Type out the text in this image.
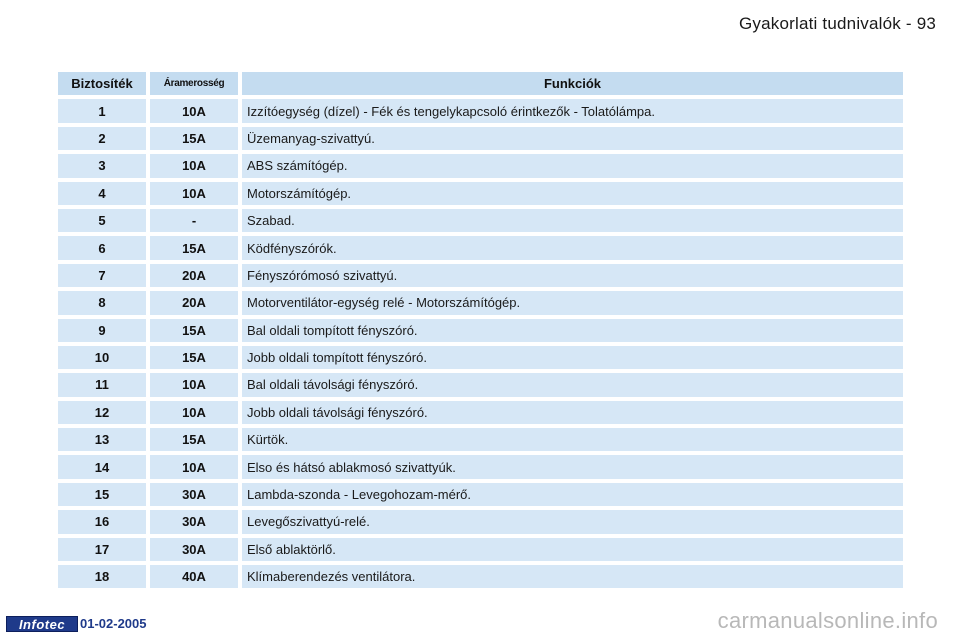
Gyakorlati tudnivalók - 93
Biztosíték	Áramerosség	Funkciók
1	10A	Izzítóegység (dízel) - Fék és tengelykapcsoló érintkezők - Tolatólámpa.
2	15A	Üzemanyag-szivattyú.
3	10A	ABS számítógép.
4	10A	Motorszámítógép.
5	-	Szabad.
6	15A	Ködfényszórók.
7	20A	Fényszórómosó szivattyú.
8	20A	Motorventilátor-egység relé - Motorszámítógép.
9	15A	Bal oldali tompított fényszóró.
10	15A	Jobb oldali tompított fényszóró.
11	10A	Bal oldali távolsági fényszóró.
12	10A	Jobb oldali távolsági fényszóró.
13	15A	Kürtök.
14	10A	Elso és hátsó ablakmosó szivattyúk.
15	30A	Lambda-szonda - Levegohozam-mérő.
16	30A	Levegőszivattyú-relé.
17	30A	Első ablaktörlő.
18	40A	Klímaberendezés ventilátora.
Infotec 01-02-2005	carmanualsonline.info
